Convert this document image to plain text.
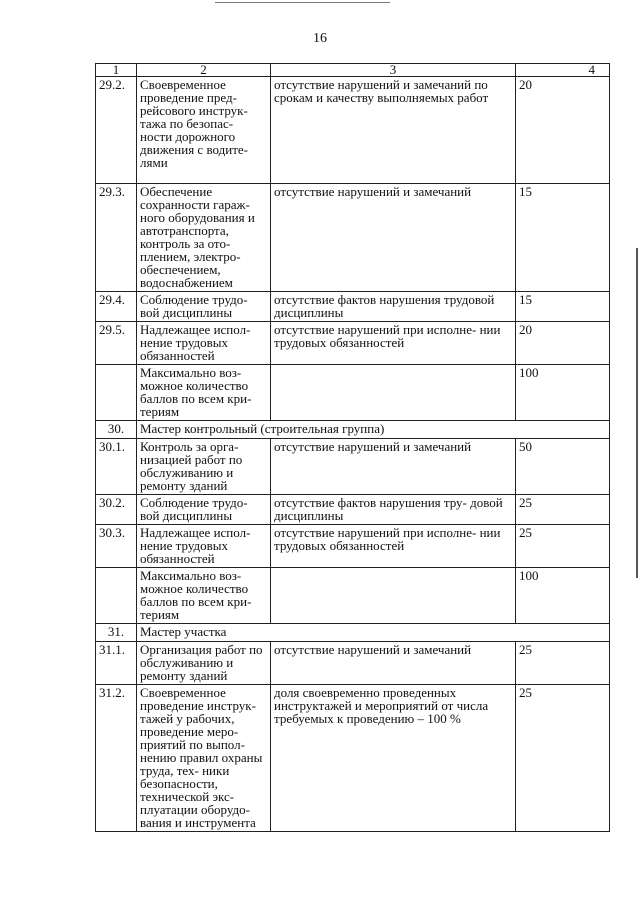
16
1	2	3	4
29.2.	Своевременное проведение пред- рейсового инструк- тажа по безопас- ности дорожного движения с водите- лями	отсутствие нарушений и замечаний по срокам и качеству выполняемых работ	20
29.3.	Обеспечение сохранности гараж- ного оборудования и автотранспорта, контроль за ото- плением, электро- обеспечением, водоснабжением	отсутствие нарушений и замечаний	15
29.4.	Соблюдение трудо- вой дисциплины	отсутствие фактов нарушения трудовой дисциплины	15
29.5.	Надлежащее испол- нение трудовых обязанностей	отсутствие нарушений при исполне- нии трудовых обязанностей	20
	Максимально воз- можное количество баллов по всем кри- териям		100
30.	Мастер контрольный (строительная группа)		
30.1.	Контроль за орга- низацией работ по обслуживанию и ремонту зданий	отсутствие нарушений и замечаний	50
30.2.	Соблюдение трудо- вой дисциплины	отсутствие фактов нарушения тру- довой дисциплины	25
30.3.	Надлежащее испол- нение трудовых обязанностей	отсутствие нарушений при исполне- нии трудовых обязанностей	25
	Максимально воз- можное количество баллов по всем кри- териям		100
31.	Мастер участка		
31.1.	Организация работ по обслуживанию и ремонту зданий	отсутствие нарушений и замечаний	25
31.2.	Своевременное проведение инструк- тажей у рабочих, проведение меро- приятий по выпол- нению правил охраны труда, тех- ники безопасности, технической экс- плуатации оборудо- вания и инструмента	доля своевременно проведенных инструктажей и мероприятий от числа требуемых к проведению – 100 %	25
